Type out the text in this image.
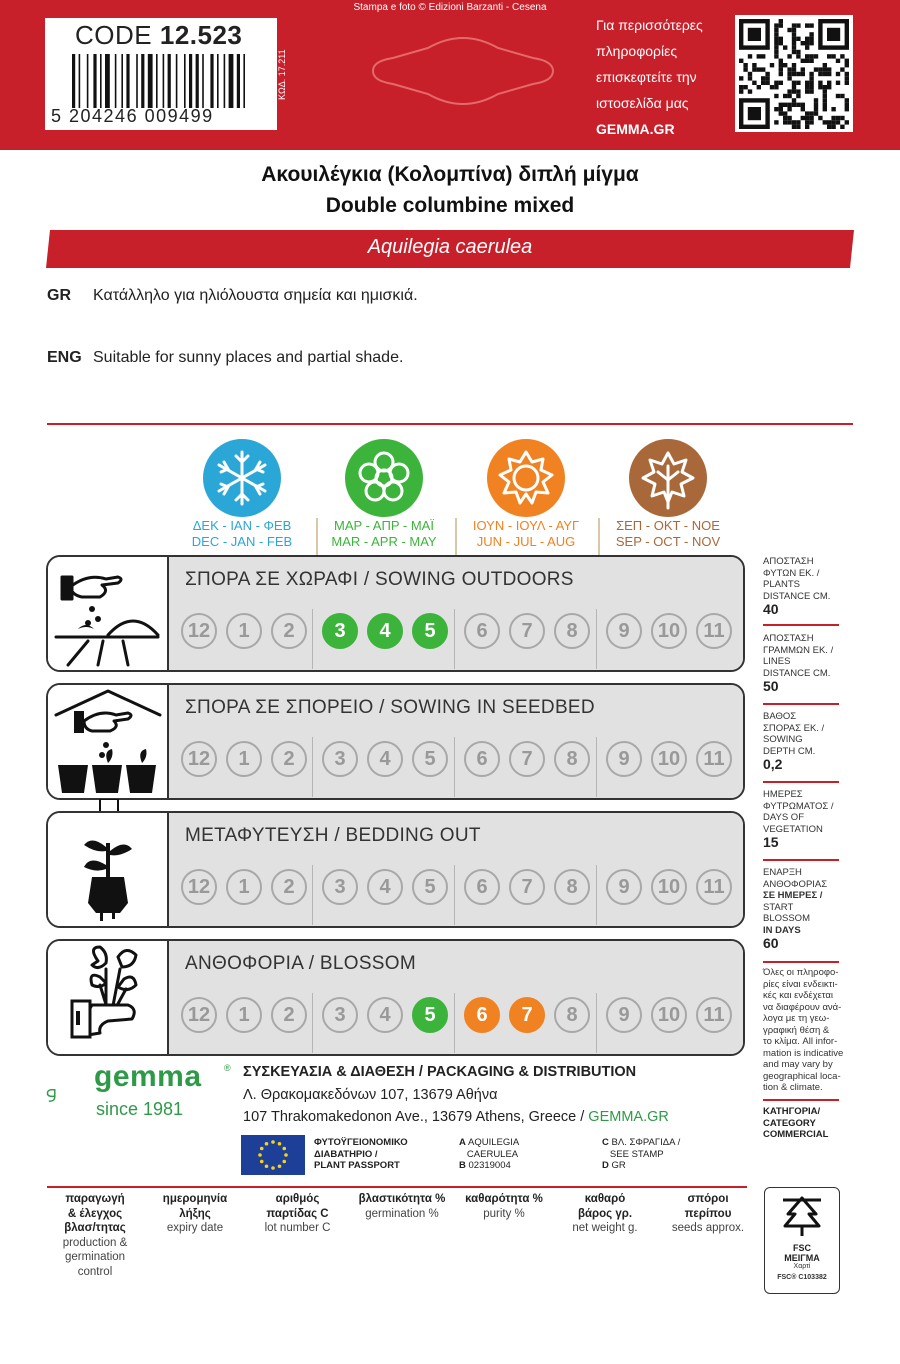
Stampa e foto © Edizioni Barzanti - Cesena
CODE 12.523
5 204246 009499
ΚΩΔ. 17.211
Για περισσότερες
πληροφορίες
επισκεφτείτε την
ιστοσελίδα μας
GEMMA.GR
Ακουιλέγκια (Κολομπίνα) διπλή μίγμα
Double columbine mixed
Aquilegia caerulea
GR Κατάλληλο για ηλιόλουστα σημεία και ημισκιά.
ENG Suitable for sunny places and partial shade.
ΔΕΚ - ΙΑΝ - ΦΕΒ
DEC - JAN - FEB
ΜΑΡ - ΑΠΡ - ΜΑΪ
MAR - APR - MAY
ΙΟΥΝ - ΙΟΥΛ - ΑΥΓ
JUN - JUL - AUG
ΣΕΠ - ΟΚΤ - ΝΟΕ
SEP - OCT - NOV
ΣΠΟΡΑ ΣΕ ΧΩΡΑΦΙ / SOWING OUTDOORS
12	1	2	3	4	5	6	7	8	9	10	11
ΣΠΟΡΑ ΣΕ ΣΠΟΡΕΙΟ / SOWING IN SEEDBED
12	1	2	3	4	5	6	7	8	9	10	11
ΜΕΤΑΦΥΤΕΥΣΗ / BEDDING OUT
12	1	2	3	4	5	6	7	8	9	10	11
ΑΝΘΟΦΟΡΙΑ / BLOSSOM
12	1	2	3	4	5	6	7	8	9	10	11
ΑΠΟΣΤΑΣΗ
ΦΥΤΩΝ ΕΚ. /
PLANTS
DISTANCE CM.
40
ΑΠΟΣΤΑΣΗ
ΓΡΑΜΜΩΝ ΕΚ. /
LINES
DISTANCE CM.
50
ΒΑΘΟΣ
ΣΠΟΡΑΣ ΕΚ. /
SOWING
DEPTH CM.
0,2
ΗΜΕΡΕΣ
ΦΥΤΡΩΜΑΤΟΣ /
DAYS OF
VEGETATION
15
ΕΝΑΡΞΗ
ΑΝΘΟΦΟΡΙΑΣ
ΣΕ ΗΜΕΡΕΣ /
START
BLOSSOM
IN DAYS
60
Όλες οι πληροφο-
ρίες είναι ενδεικτι-
κές και ενδέχεται
να διαφέρουν ανά-
λογα με τη γεω-
γραφική θέση &
το κλίμα. All infor-
mation is indicative
and may vary by
geographical loca-
tion & climate.
ΚΑΤΗΓΟΡΙΑ/
CATEGORY
COMMERCIAL
gemma ®
since 1981
ΣΥΣΚΕΥΑΣΙΑ & ΔΙΑΘΕΣΗ / PACKAGING & DISTRIBUTION
Λ. Θρακομακεδόνων 107, 13679 Αθήνα
107 Thrakomakedonon Ave., 13679 Athens, Greece / GEMMA.GR
ΦΥΤΟΫΓΕΙΟΝΟΜΙΚΟ
ΔΙΑΒΑΤΗΡΙΟ /
PLANT PASSPORT
A AQUILEGIA
CAERULEA
B 02319004
C ΒΛ. ΣΦΡΑΓΙΔΑ /
SEE STAMP
D GR
παραγωγή
& έλεγχος
βλασ/τητας
production &
germination
control
ημερομηνία
λήξης
expiry date
αριθμός
παρτίδας C
lot number C
βλαστικότητα %
germination %
καθαρότητα %
purity %
καθαρό
βάρος γρ.
net weight g.
σπόροι
περίπου
seeds approx.
FSC
ΜΕΙΓΜΑ
Χαρτί
FSC® C103382
